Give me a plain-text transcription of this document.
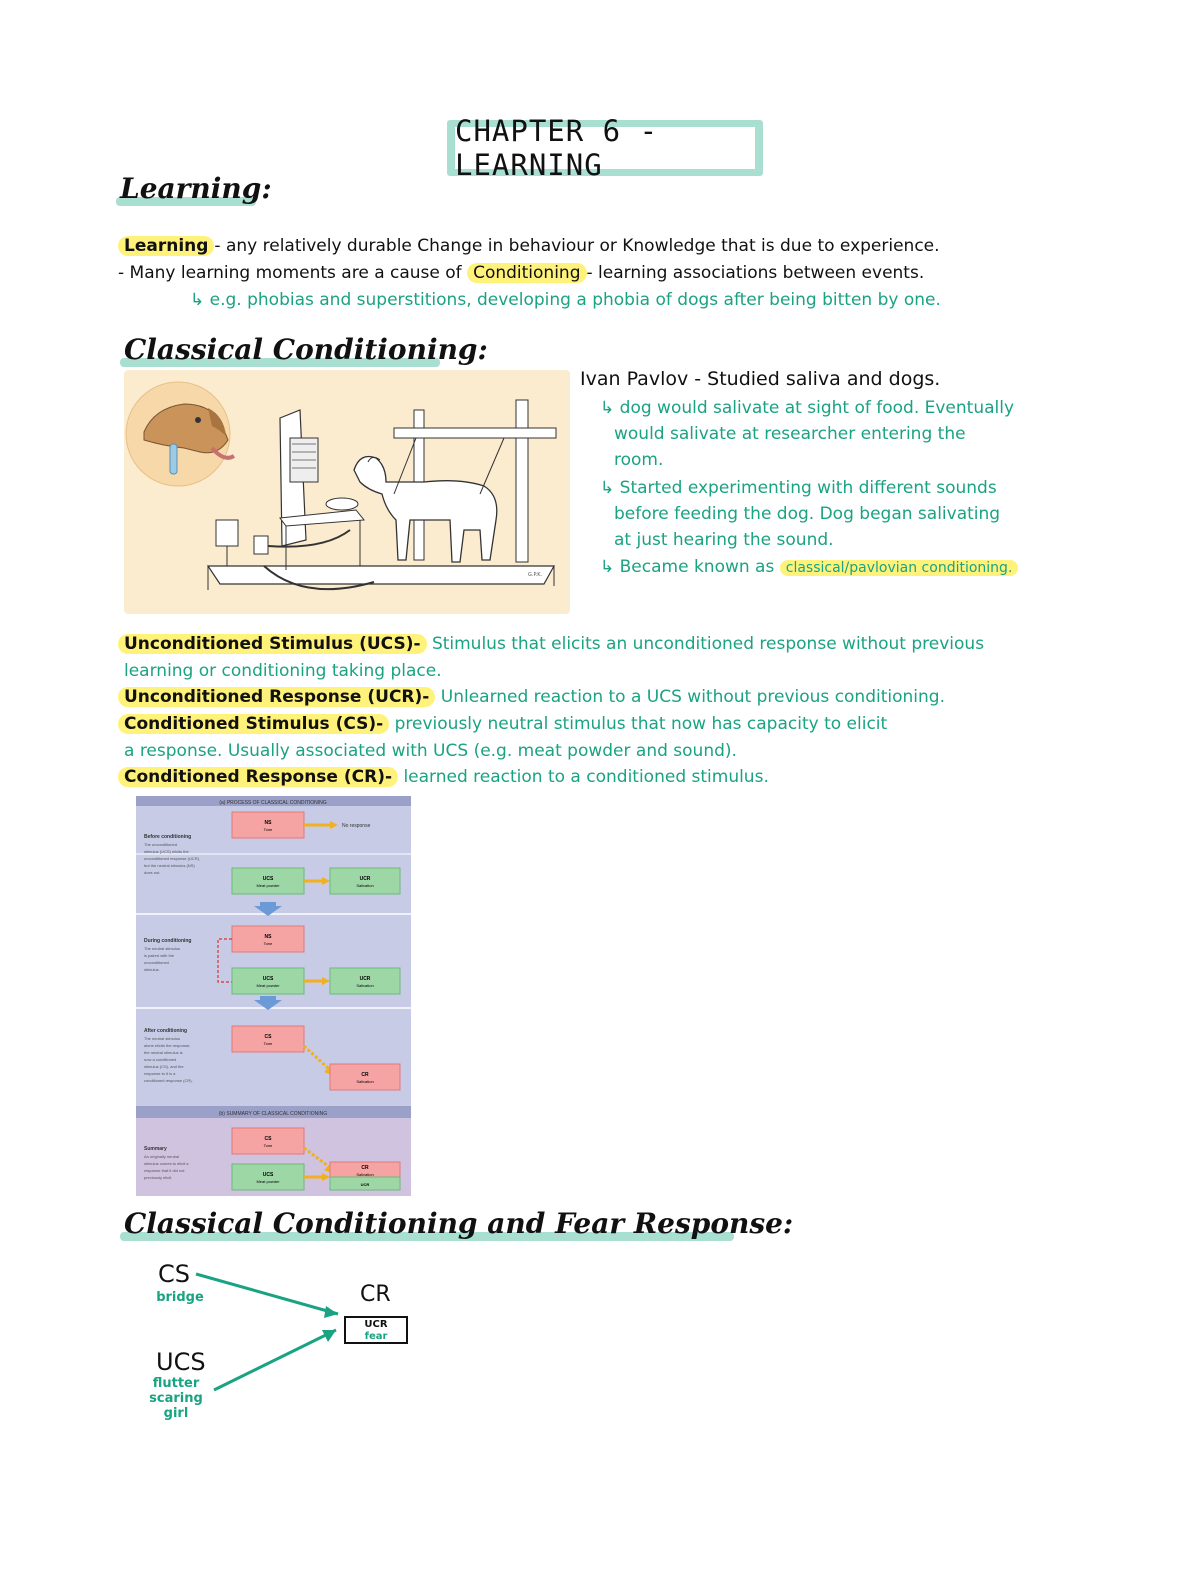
CHAPTER 6 - LEARNING
Learning:
Learning - any relatively durable Change in behaviour or Knowledge that is due to experience.
- Many learning moments are a cause of Conditioning - learning associations between events.
↳ e.g. phobias and superstitions, developing a phobia of dogs after being bitten by one.
Classical Conditioning:
G.P.K.
Ivan Pavlov - Studied saliva and dogs.
↳ dog would salivate at sight of food. Eventually
would salivate at researcher entering the
room.
↳ Started experimenting with different sounds
before feeding the dog. Dog began salivating
at just hearing the sound.
↳ Became known as classical/pavlovian conditioning.
Unconditioned Stimulus (UCS)- Stimulus that elicits an unconditioned response without previous
learning or conditioning taking place.
Unconditioned Response (UCR)- Unlearned reaction to a UCS without previous conditioning.
Conditioned Stimulus (CS)- previously neutral stimulus that now has capacity to elicit
a response. Usually associated with UCS (e.g. meat powder and sound).
Conditioned Response (CR)- learned reaction to a conditioned stimulus.
(a) PROCESS OF CLASSICAL CONDITIONING
(b) SUMMARY OF CLASSICAL CONDITIONING
Before conditioning
The unconditioned
stimulus (UCS) elicits the
unconditioned response (UCR),
but the neutral stimulus (NS)
does not.
NS
Tone
No response
UCS
Meat powder
UCR
Salivation
During conditioning
The neutral stimulus
is paired with the
unconditioned
stimulus.
NS
Tone
UCS
Meat powder
UCR
Salivation
After conditioning
The neutral stimulus
alone elicits the response;
the neutral stimulus is
now a conditioned
stimulus (CS), and the
response to it is a
conditioned response (CR).
CS
Tone
CR
Salivation
Summary
An originally neutral
stimulus comes to elicit a
response that it did not
previously elicit.
CS
Tone
UCS
Meat powder
CR
Salivation
UCR
Classical Conditioning and Fear Response:
CS
bridge
UCS
flutter
scaring
girl
CR
UCR
fear
